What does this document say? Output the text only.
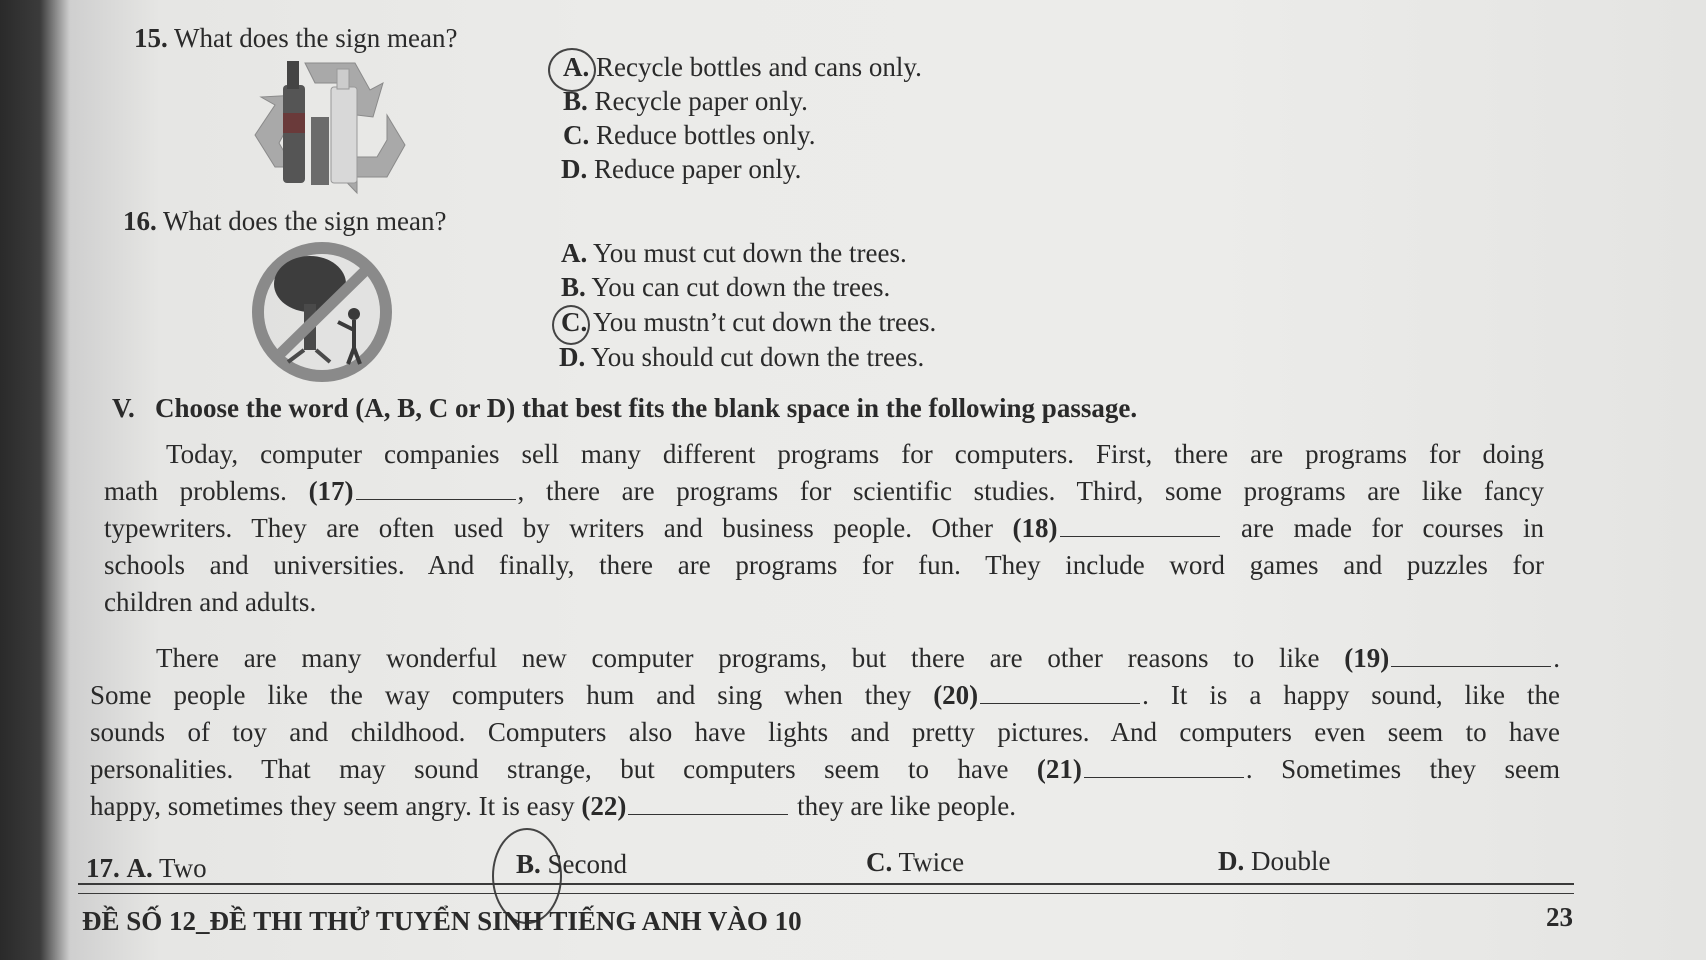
15. What does the sign mean?
A. Recycle bottles and cans only.
B. Recycle paper only.
C. Reduce bottles only.
D. Reduce paper only.
16. What does the sign mean?
A. You must cut down the trees.
B. You can cut down the trees.
C. You mustn’t cut down the trees.
D. You should cut down the trees.
V. Choose the word (A, B, C or D) that best fits the blank space in the following passage.
Today, computer companies sell many different programs for computers. First, there are programs for doing
math problems. (17)	, there are programs for scientific studies. Third, some programs are like fancy
typewriters. They are often used by writers and business people. Other (18)	are made for courses in
schools and universities. And finally, there are programs for fun. They include word games and puzzles for
children and adults.
There are many wonderful new computer programs, but there are other reasons to like (19)	.
Some people like the way computers hum and sing when they (20)	. It is a happy sound, like the
sounds of toy and childhood. Computers also have lights and pretty pictures. And computers even seem to have
personalities. That may sound strange, but computers seem to have (21)	. Sometimes they seem
happy, sometimes they seem angry. It is easy (22)	they are like people.
17. A. Two	B. Second	C. Twice	D. Double
ĐỀ SỐ 12_ĐỀ THI THỬ TUYỂN SINH TIẾNG ANH VÀO 10	23
